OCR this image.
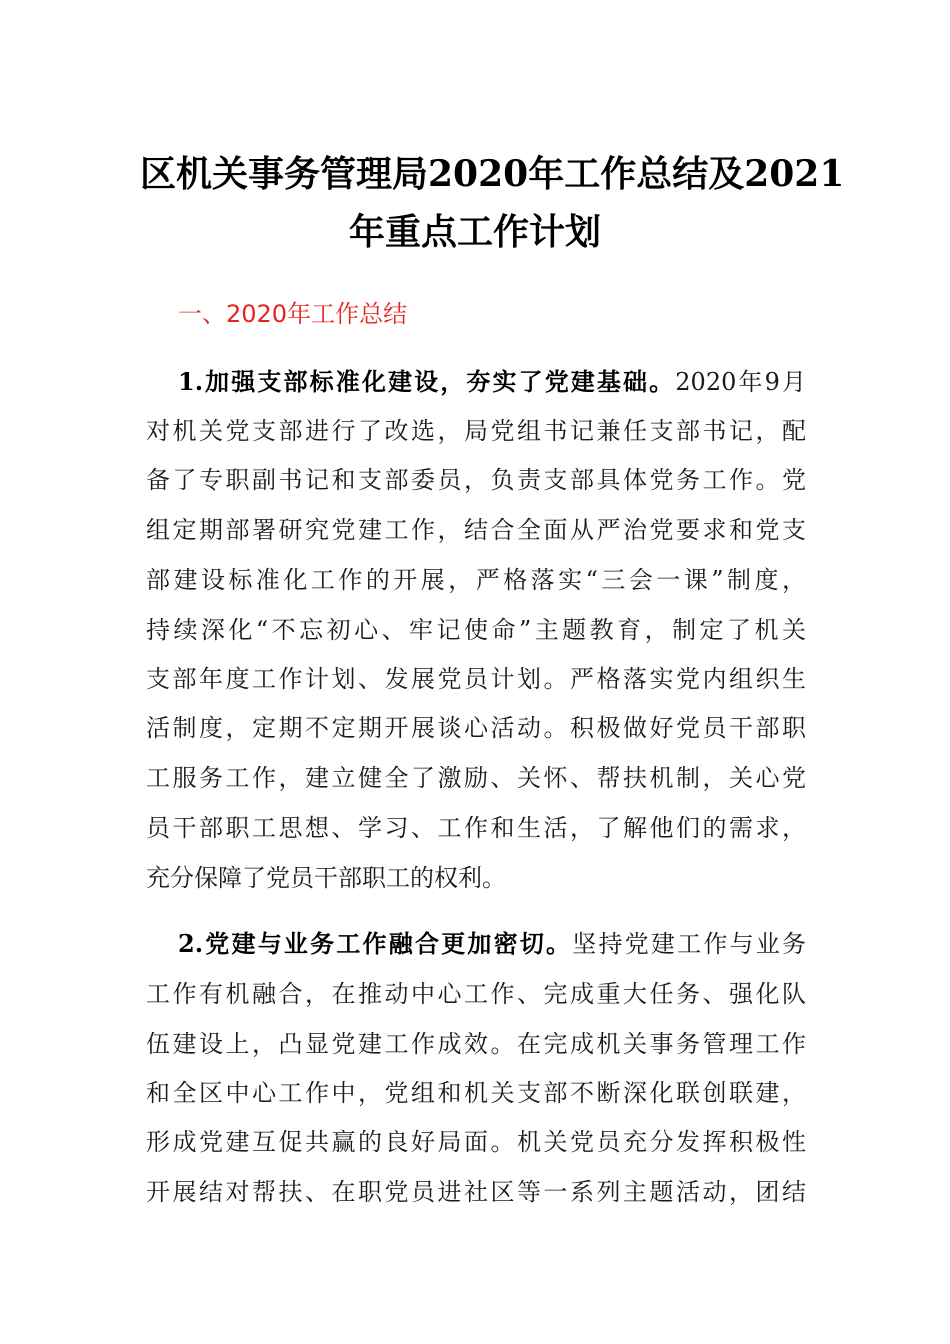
区机关事务管理局2020年工作总结及2021
年重点工作计划
一、2020年工作总结
1.加强支部标准化建设，夯实了党建基础。2020年9月
对机关党支部进行了改选，局党组书记兼任支部书记，配
备了专职副书记和支部委员，负责支部具体党务工作。党
组定期部署研究党建工作，结合全面从严治党要求和党支
部建设标准化工作的开展，严格落实“三会一课”制度，
持续深化“不忘初心、牢记使命”主题教育，制定了机关
支部年度工作计划、发展党员计划。严格落实党内组织生
活制度，定期不定期开展谈心活动。积极做好党员干部职
工服务工作，建立健全了激励、关怀、帮扶机制，关心党
员干部职工思想、学习、工作和生活，了解他们的需求，
充分保障了党员干部职工的权利。
2.党建与业务工作融合更加密切。坚持党建工作与业务
工作有机融合，在推动中心工作、完成重大任务、强化队
伍建设上，凸显党建工作成效。在完成机关事务管理工作
和全区中心工作中，党组和机关支部不断深化联创联建，
形成党建互促共赢的良好局面。机关党员充分发挥积极性
开展结对帮扶、在职党员进社区等一系列主题活动，团结
